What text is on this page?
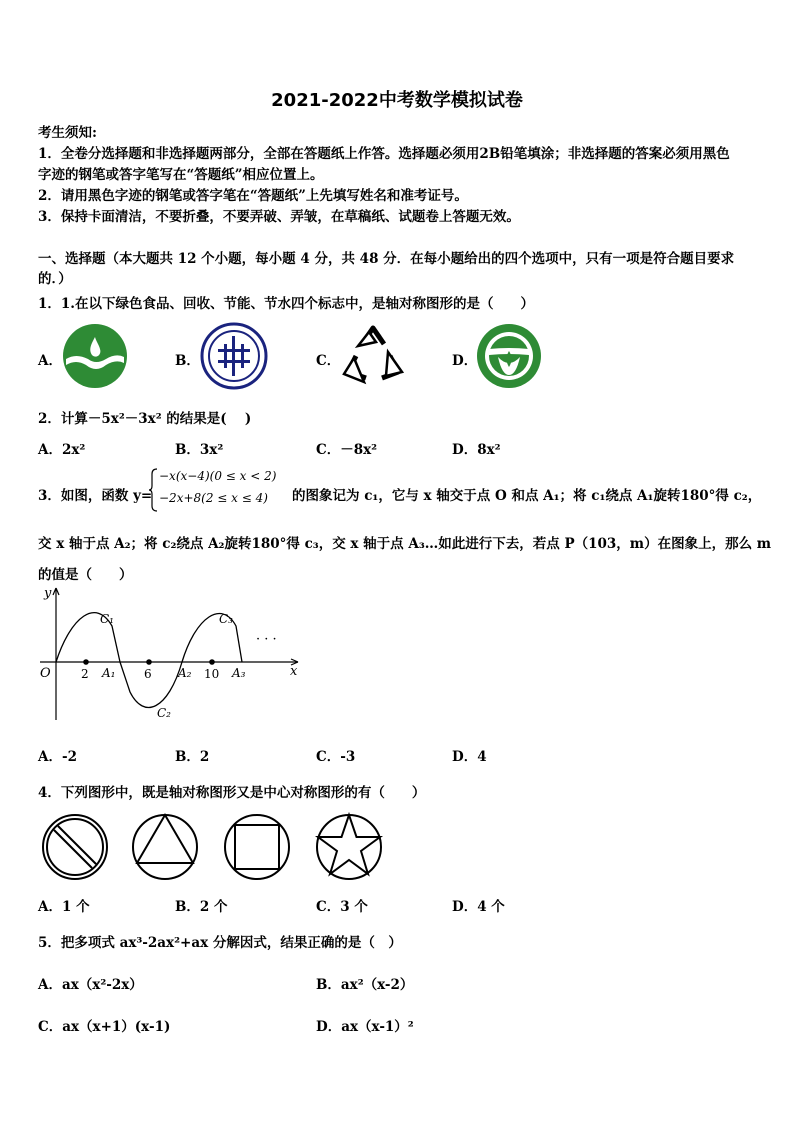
2021-2022中考数学模拟试卷
考生须知:
1．全卷分选择题和非选择题两部分，全部在答题纸上作答。选择题必须用2B铅笔填涂；非选择题的答案必须用黑色
字迹的钢笔或答字笔写在“答题纸”相应位置上。
2．请用黑色字迹的钢笔或答字笔在“答题纸”上先填写姓名和准考证号。
3．保持卡面清洁，不要折叠，不要弄破、弄皱，在草稿纸、试题卷上答题无效。
一、选择题（本大题共 12 个小题，每小题 4 分，共 48 分．在每小题给出的四个选项中，只有一项是符合题目要求
的．）
1．1.在以下绿色食品、回收、节能、节水四个标志中，是轴对称图形的是（　　）
A．	B．	C．	D．
2．计算－5x²－3x² 的结果是(　 )
A．2x²	B．3x²	C．－8x²	D．8x²
3．如图，函数 y=
−x(x−4)(0 ≤ x < 2)
−2x+8(2 ≤ x ≤ 4) 的图象记为 c₁，它与 x 轴交于点 O 和点 A₁；将 c₁绕点 A₁旋转180°得 c₂，
交 x 轴于点 A₂；将 c₂绕点 A₂旋转180°得 c₃，交 x 轴于点 A₃…如此进行下去，若点 P（103，m）在图象上，那么 m
的值是（　　）
y
x
O	2	6	10
A₁	A₂	A₃
C₁
C₂
C₃
· · ·
A．-2	B．2	C．-3	D．4
4．下列图形中，既是轴对称图形又是中心对称图形的有（　　）
A．1 个	B．2 个	C．3 个	D．4 个
5．把多项式 ax³-2ax²+ax 分解因式，结果正确的是（　）
A．ax（x²-2x）	B．ax²（x-2）
C．ax（x+1）(x-1)	D．ax（x-1）²
